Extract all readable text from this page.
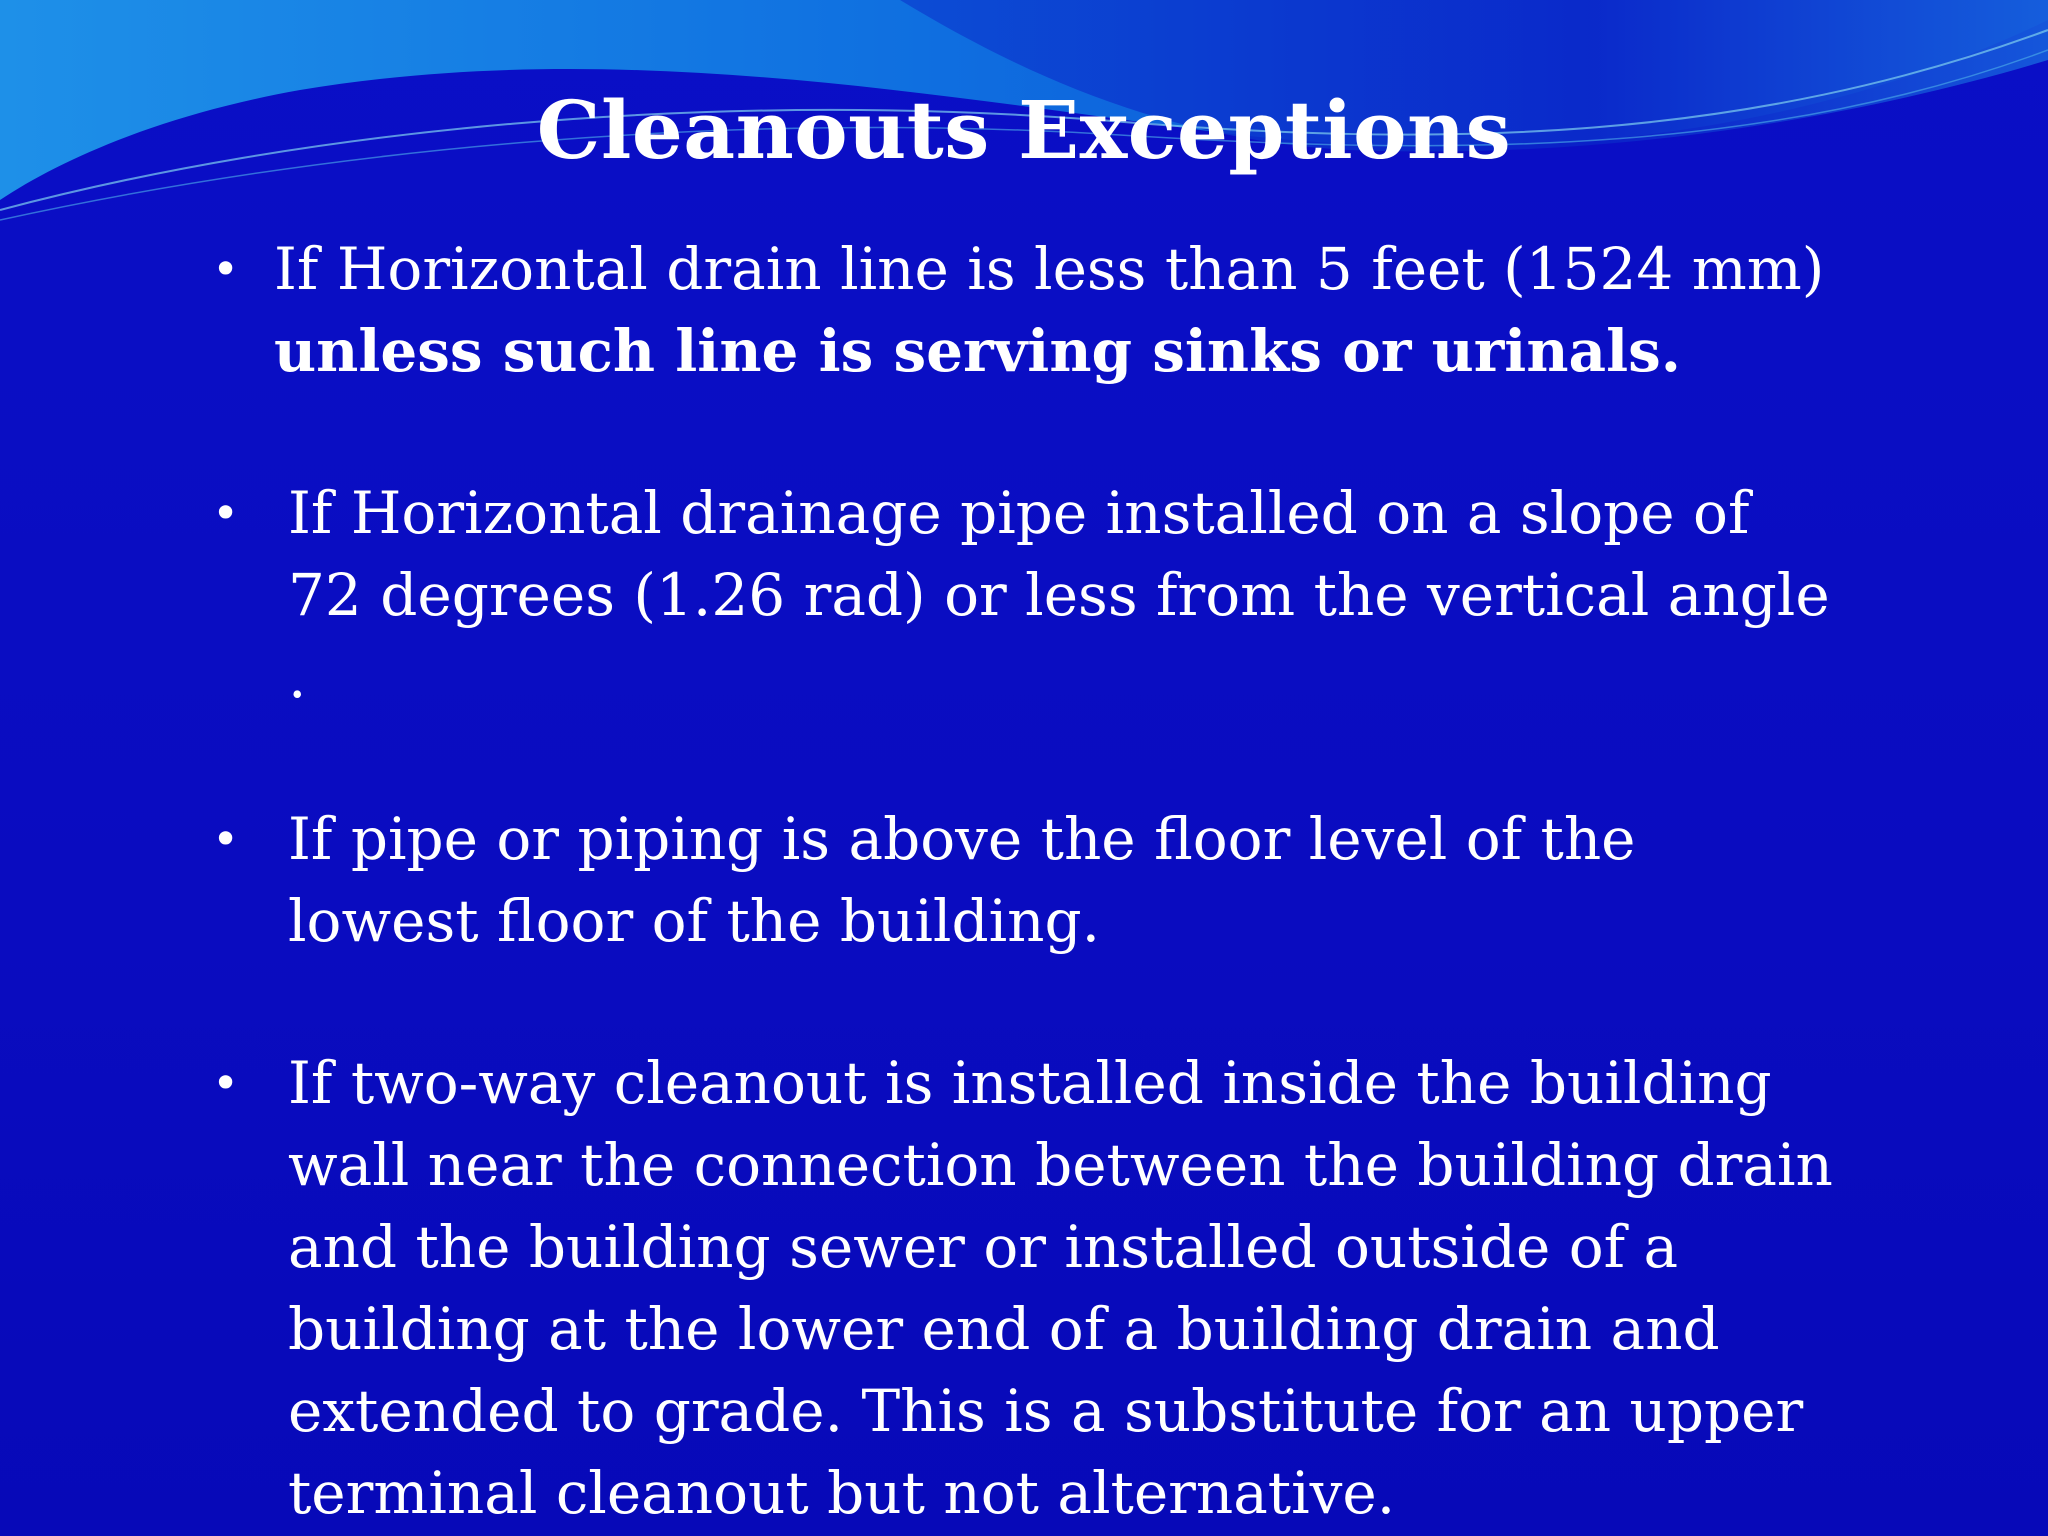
Cleanouts Exceptions
• If Horizontal drain line is less than 5 feet (1524 mm)
unless such line is serving sinks or urinals.
• If Horizontal drainage pipe installed on a slope of 72 degrees (1.26 rad) or less from the vertical angle .
• If pipe or piping is above the floor level of the lowest floor of the building.
• If two-way cleanout is installed inside the building wall near the connection between the building drain and the building sewer or installed outside of a building at the lower end of a building drain and extended to grade. This is a substitute for an upper terminal cleanout but not alternative.
